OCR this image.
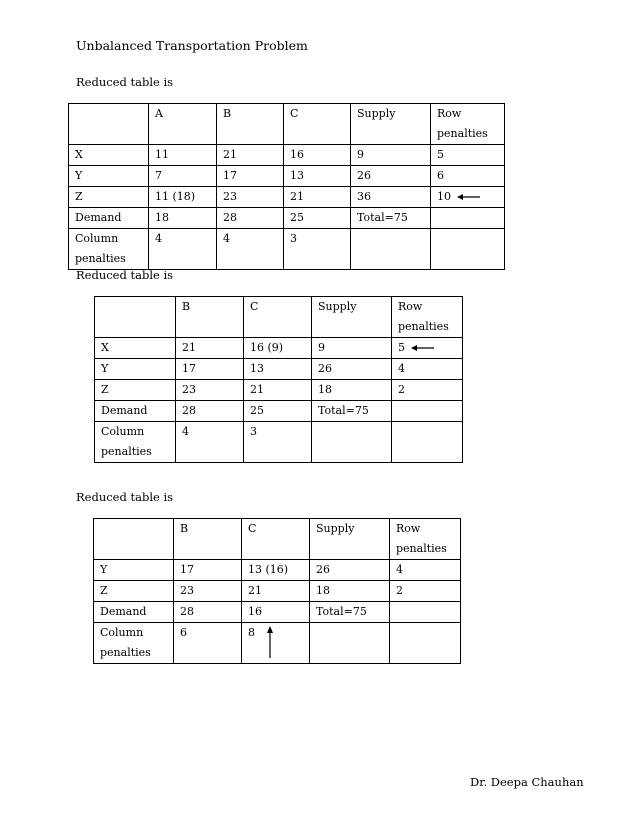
Unbalanced Transportation Problem
Reduced table is
	A	B	C	Supply	Row penalties
X	11	21	16	9	5
Y	7	17	13	26	6
Z	11 (18)	23	21	36	10
Demand	18	28	25	Total=75	
Column penalties	4	4	3		
Reduced table is
	B	C	Supply	Row penalties
X	21	16 (9)	9	5
Y	17	13	26	4
Z	23	21	18	2
Demand	28	25	Total=75	
Column penalties	4	3		
Reduced table is
	B	C	Supply	Row penalties
Y	17	13 (16)	26	4
Z	23	21	18	2
Demand	28	16	Total=75	
Column penalties	6	8

Dr. Deepa Chauhan
